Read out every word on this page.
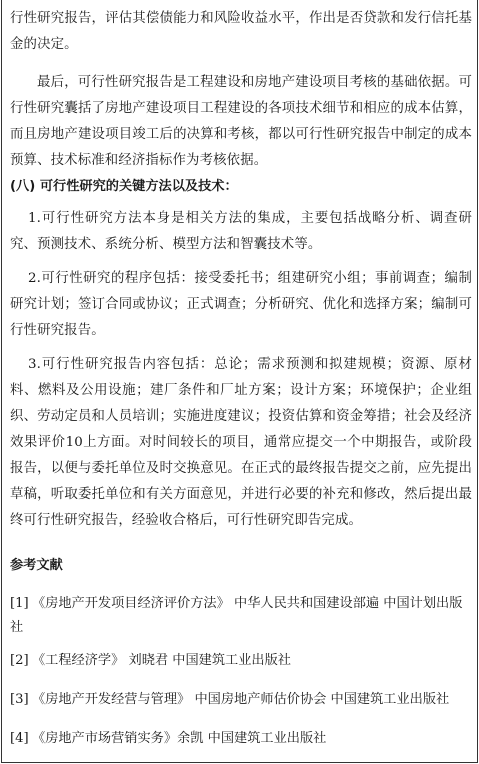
行性研究报告，评估其偿债能力和风险收益水平，作出是否贷款和发行信托基金的决定。
最后，可行性研究报告是工程建设和房地产建设项目考核的基础依据。可行性研究囊括了房地产建设项目工程建设的各项技术细节和相应的成本估算，而且房地产建设项目竣工后的决算和考核，都以可行性研究报告中制定的成本预算、技术标准和经济指标作为考核依据。
(八) 可行性研究的关键方法以及技术：
1.可行性研究方法本身是相关方法的集成，主要包括战略分析、调查研究、预测技术、系统分析、模型方法和智囊技术等。
2.可行性研究的程序包括：接受委托书；组建研究小组；事前调查；编制研究计划；签订合同或协议；正式调查；分析研究、优化和选择方案；编制可行性研究报告。
3.可行性研究报告内容包括：总论；需求预测和拟建规模；资源、原材料、燃料及公用设施；建厂条件和厂址方案；设计方案；环境保护；企业组织、劳动定员和人员培训；实施进度建议；投资估算和资金筹措；社会及经济效果评价10上方面。对时间较长的项目，通常应提交一个中期报告，或阶段报告，以便与委托单位及时交换意见。在正式的最终报告提交之前，应先提出草稿，听取委托单位和有关方面意见，并进行必要的补充和修改，然后提出最终可行性研究报告，经验收合格后，可行性研究即告完成。
参考文献
[1] 《房地产开发项目经济评价方法》 中华人民共和国建设部遍 中国计划出版社
[2] 《工程经济学》 刘晓君 中国建筑工业出版社
[3] 《房地产开发经营与管理》 中国房地产师估价协会 中国建筑工业出版社
[4] 《房地产市场营销实务》余凯 中国建筑工业出版社
